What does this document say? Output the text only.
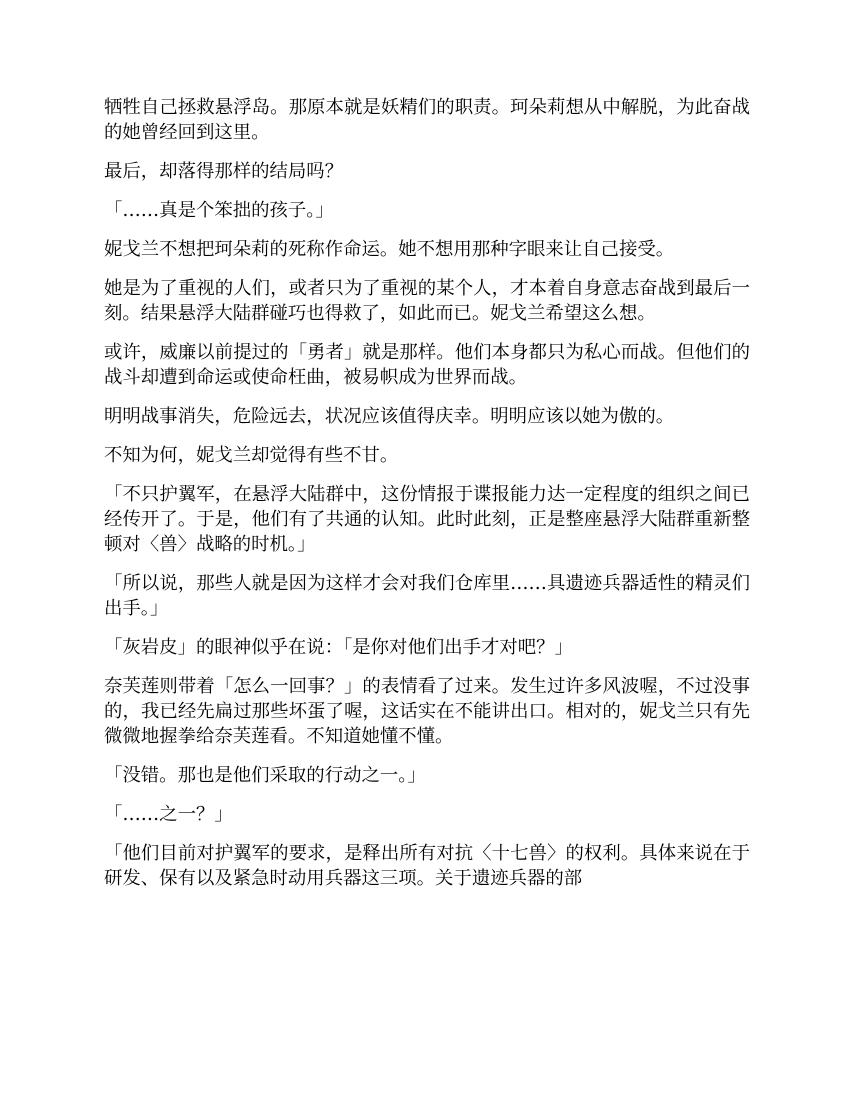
牺牲自己拯救悬浮岛。那原本就是妖精们的职责。珂朵莉想从中解脱，为此奋战的她曾经回到这里。

最后，却落得那样的结局吗？

「……真是个笨拙的孩子。」

妮戈兰不想把珂朵莉的死称作命运。她不想用那种字眼来让自己接受。

她是为了重视的人们，或者只为了重视的某个人，才本着自身意志奋战到最后一刻。结果悬浮大陆群碰巧也得救了，如此而已。妮戈兰希望这么想。

或许，威廉以前提过的「勇者」就是那样。他们本身都只为私心而战。但他们的战斗却遭到命运或使命枉曲，被易帜成为世界而战。

明明战事消失，危险远去，状况应该值得庆幸。明明应该以她为傲的。

不知为何，妮戈兰却觉得有些不甘。

「不只护翼军，在悬浮大陆群中，这份情报于谍报能力达一定程度的组织之间已经传开了。于是，他们有了共通的认知。此时此刻，正是整座悬浮大陆群重新整顿对〈兽〉战略的时机。」

「所以说，那些人就是因为这样才会对我们仓库里……具遗迹兵器适性的精灵们出手。」

「灰岩皮」的眼神似乎在说：「是你对他们出手才对吧？」

奈芙莲则带着「怎么一回事？」的表情看了过来。发生过许多风波喔，不过没事的，我已经先扁过那些坏蛋了喔，这话实在不能讲出口。相对的，妮戈兰只有先微微地握拳给奈芙莲看。不知道她懂不懂。

「没错。那也是他们采取的行动之一。」

「……之一？」

「他们目前对护翼军的要求，是释出所有对抗〈十七兽〉的权利。具体来说在于研发、保有以及紧急时动用兵器这三项。关于遗迹兵器的部
